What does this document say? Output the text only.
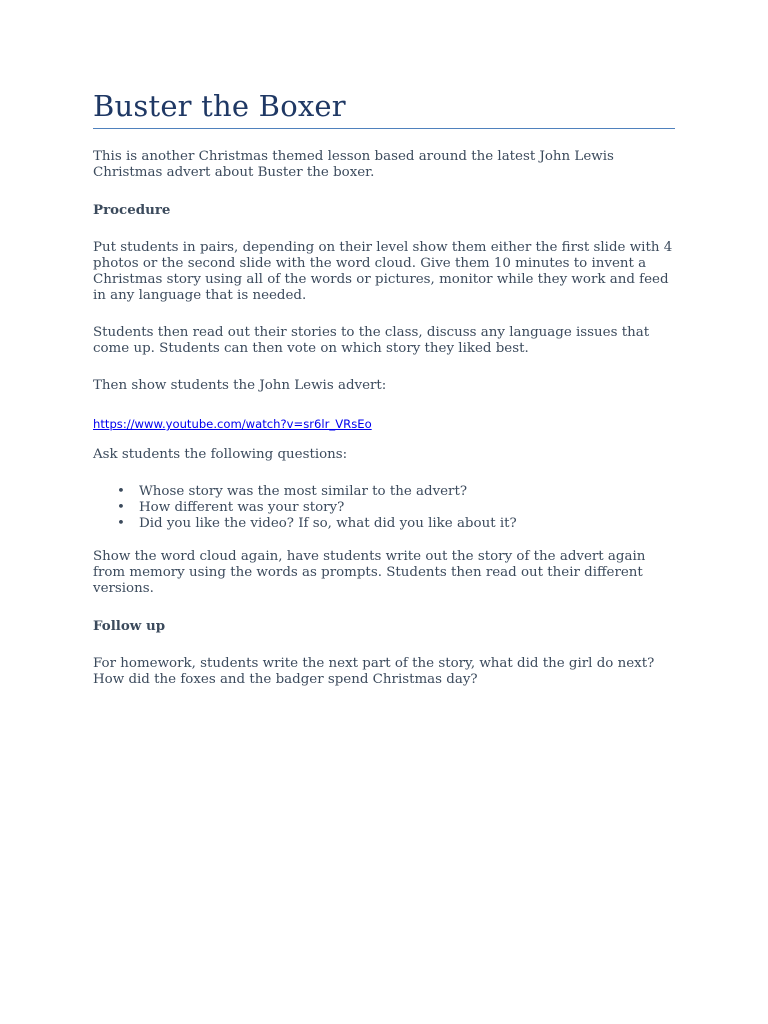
Buster the Boxer

This is another Christmas themed lesson based around the latest John Lewis Christmas advert about Buster the boxer.

Procedure

Put students in pairs, depending on their level show them either the first slide with 4 photos or the second slide with the word cloud. Give them 10 minutes to invent a Christmas story using all of the words or pictures, monitor while they work and feed in any language that is needed.

Students then read out their stories to the class, discuss any language issues that come up. Students can then vote on which story they liked best.

Then show students the John Lewis advert:

https://www.youtube.com/watch?v=sr6lr_VRsEo

Ask students the following questions:

• Whose story was the most similar to the advert?
• How different was your story?
• Did you like the video? If so, what did you like about it?

Show the word cloud again, have students write out the story of the advert again from memory using the words as prompts. Students then read out their different versions.

Follow up

For homework, students write the next part of the story, what did the girl do next? How did the foxes and the badger spend Christmas day?
